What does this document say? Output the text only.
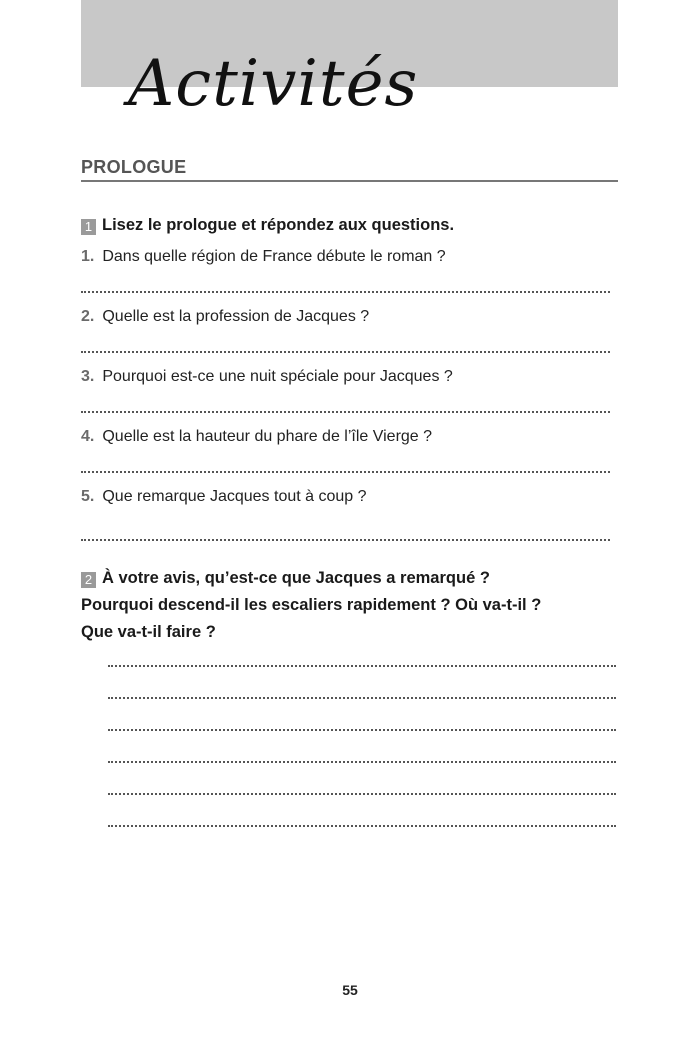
Activités
PROLOGUE
1 Lisez le prologue et répondez aux questions.
1. Dans quelle région de France débute le roman ?
2. Quelle est la profession de Jacques ?
3. Pourquoi est-ce une nuit spéciale pour Jacques ?
4. Quelle est la hauteur du phare de l’île Vierge ?
5. Que remarque Jacques tout à coup ?
2 À votre avis, qu’est-ce que Jacques a remarqué ?
Pourquoi descend-il les escaliers rapidement ? Où va-t-il ?
Que va-t-il faire ?
55
